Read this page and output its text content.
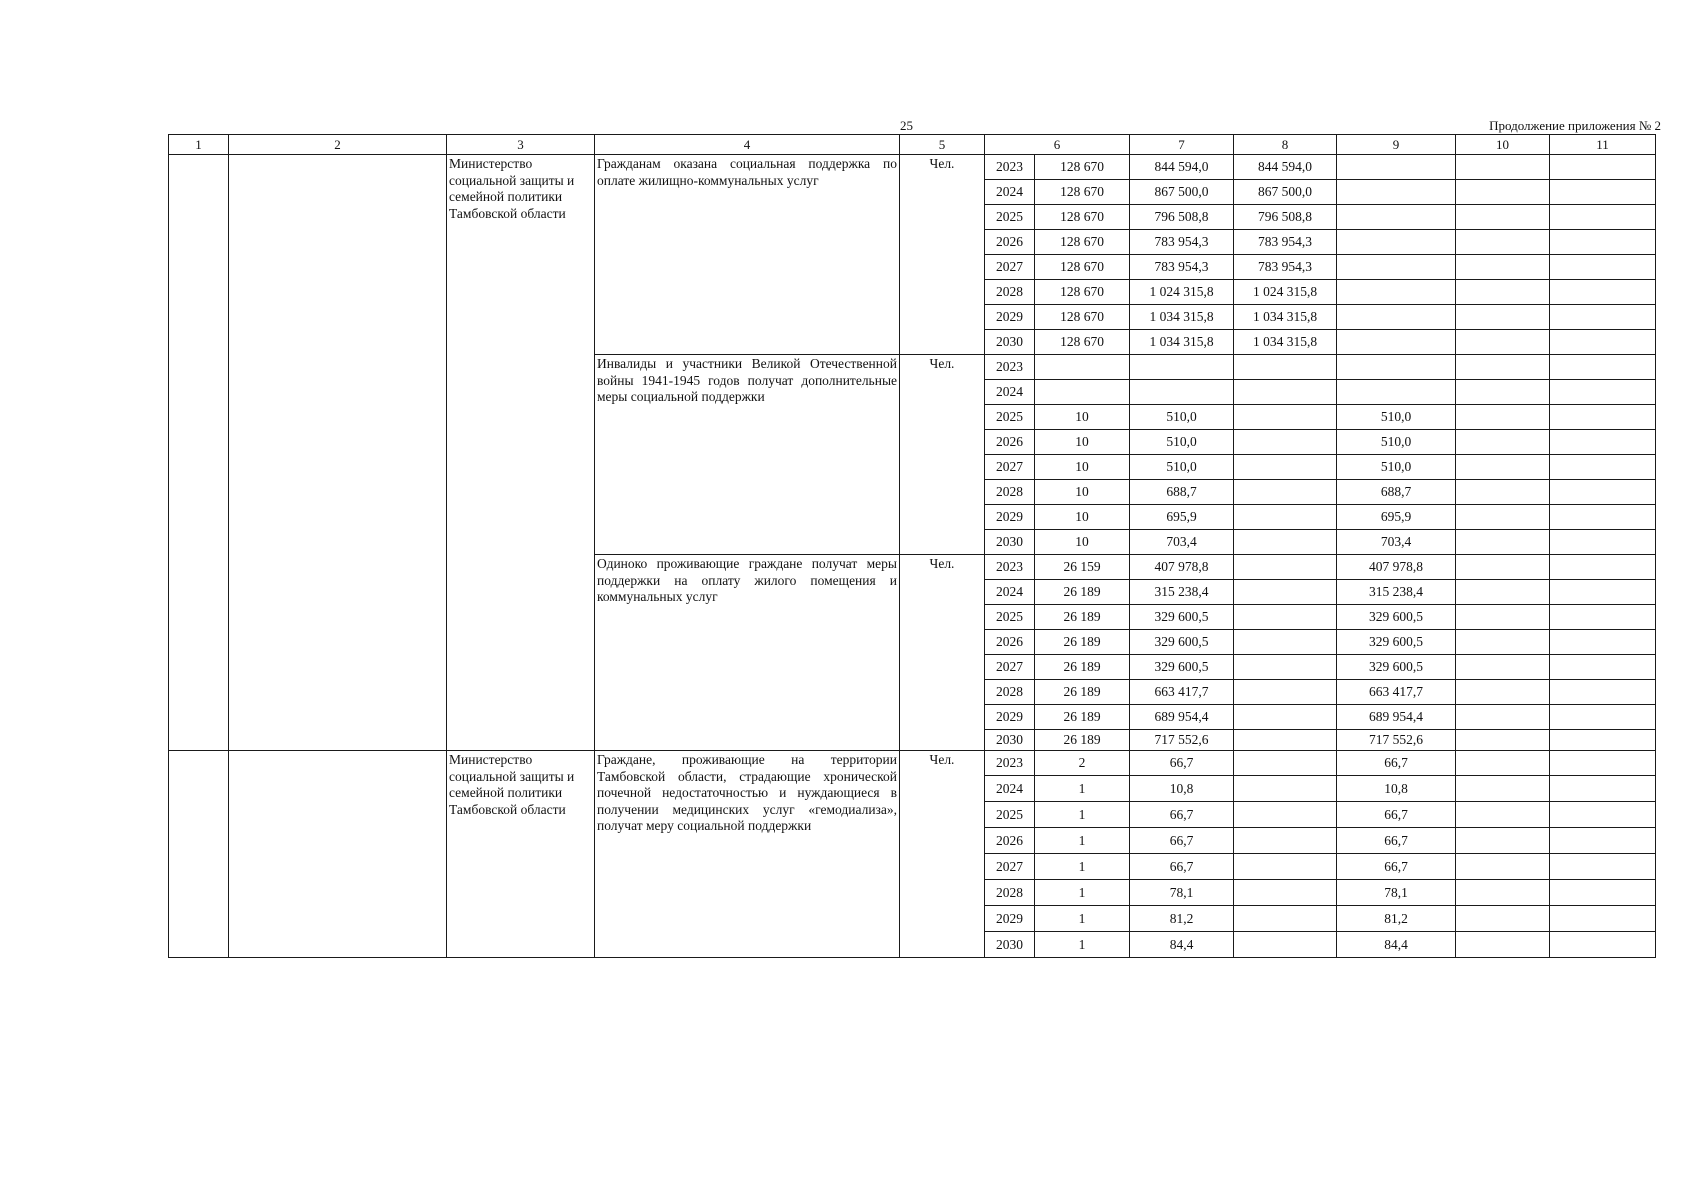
25	Продолжение приложения № 2
1	2	3	4	5	6		7	8	9	10	11
		Министерство социальной защиты и семейной политики Тамбовской области	Гражданам оказана социальная поддержка по оплате жилищно-коммунальных услуг	Чел.	2023	128 670	844 594,0	844 594,0			
					2024	128 670	867 500,0	867 500,0			
					2025	128 670	796 508,8	796 508,8			
					2026	128 670	783 954,3	783 954,3			
					2027	128 670	783 954,3	783 954,3			
					2028	128 670	1 024 315,8	1 024 315,8			
					2029	128 670	1 034 315,8	1 034 315,8			
					2030	128 670	1 034 315,8	1 034 315,8			
			Инвалиды и участники Великой Отечественной войны 1941-1945 годов получат дополнительные меры социальной поддержки	Чел.	2023						
					2024						
					2025	10	510,0		510,0		
					2026	10	510,0		510,0		
					2027	10	510,0		510,0		
					2028	10	688,7		688,7		
					2029	10	695,9		695,9		
					2030	10	703,4		703,4		
			Одиноко проживающие граждане получат меры поддержки на оплату жилого помещения и коммунальных услуг	Чел.	2023	26 159	407 978,8		407 978,8		
					2024	26 189	315 238,4		315 238,4		
					2025	26 189	329 600,5		329 600,5		
					2026	26 189	329 600,5		329 600,5		
					2027	26 189	329 600,5		329 600,5		
					2028	26 189	663 417,7		663 417,7		
					2029	26 189	689 954,4		689 954,4		
					2030	26 189	717 552,6		717 552,6		
		Министерство социальной защиты и семейной политики Тамбовской области	Граждане, проживающие на территории Тамбовской области, страдающие хронической почечной недостаточностью и нуждающиеся в получении медицинских услуг «гемодиализа», получат меру социальной поддержки	Чел.	2023	2	66,7		66,7		
					2024	1	10,8		10,8		
					2025	1	66,7		66,7		
					2026	1	66,7		66,7		
					2027	1	66,7		66,7		
					2028	1	78,1		78,1		
					2029	1	81,2		81,2		
					2030	1	84,4		84,4		
